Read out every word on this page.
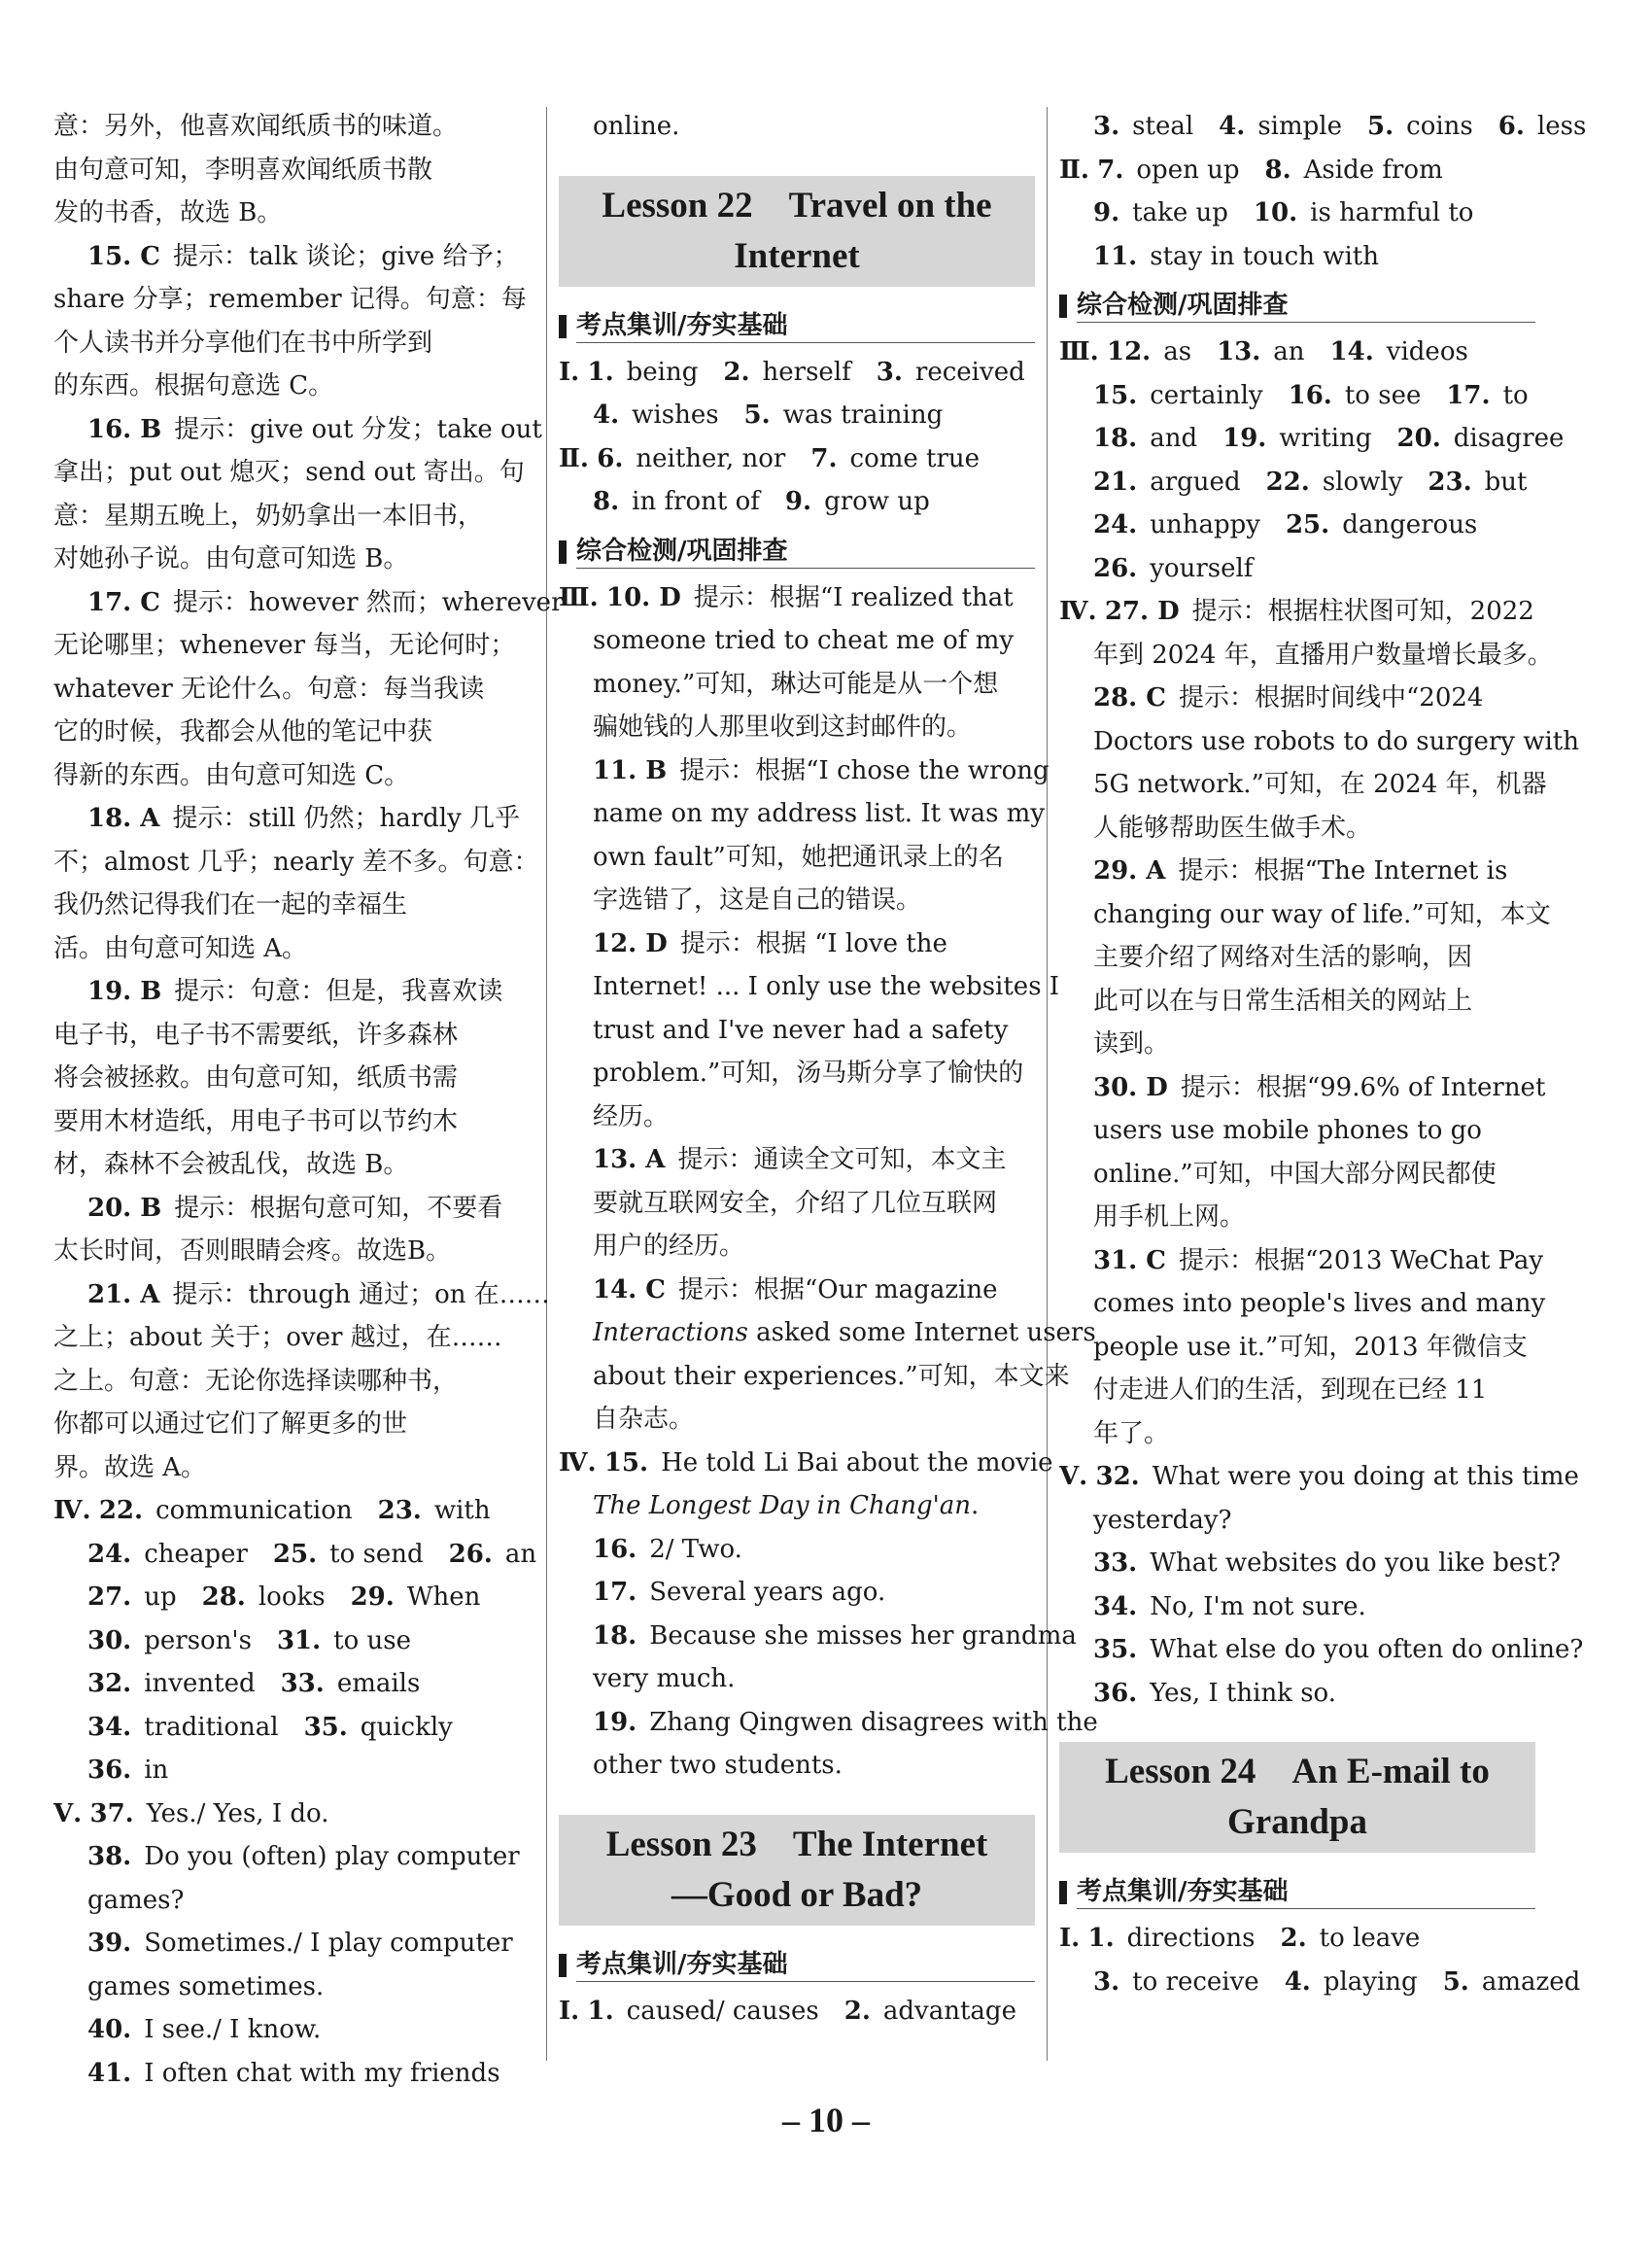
意：另外，他喜欢闻纸质书的味道。
由句意可知，李明喜欢闻纸质书散
发的书香，故选 B。
15. C  提示：talk 谈论；give 给予；
share 分享；remember 记得。句意：每
个人读书并分享他们在书中所学到
的东西。根据句意选 C。
16. B  提示：give out 分发；take out
拿出；put out 熄灭；send out 寄出。句
意：星期五晚上，奶奶拿出一本旧书，
对她孙子说。由句意可知选 B。
17. C  提示：however 然而；wherever
无论哪里；whenever 每当，无论何时；
whatever 无论什么。句意：每当我读
它的时候，我都会从他的笔记中获
得新的东西。由句意可知选 C。
18. A  提示：still 仍然；hardly 几乎
不；almost 几乎；nearly 差不多。句意：
我仍然记得我们在一起的幸福生
活。由句意可知选 A。
19. B  提示：句意：但是，我喜欢读
电子书，电子书不需要纸，许多森林
将会被拯救。由句意可知，纸质书需
要用木材造纸，用电子书可以节约木
材，森林不会被乱伐，故选 B。
20. B  提示：根据句意可知，不要看
太长时间，否则眼睛会疼。故选B。
21. A  提示：through 通过；on 在……
之上；about 关于；over 越过，在……
之上。句意：无论你选择读哪种书，
你都可以通过它们了解更多的世
界。故选 A。
Ⅳ. 22.  communication 23.  with
24.  cheaper 25.  to send 26.  an
27.  up 28.  looks 29.  When
30.  person's 31.  to use
32.  invented 33.  emails
34.  traditional 35.  quickly
36.  in
Ⅴ. 37.  Yes./ Yes, I do.
38.  Do you (often) play computer
games?
39.  Sometimes./ I play computer
games sometimes.
40.  I see./ I know.
41.  I often chat with my friends
online.
Lesson 22　Travel on the
Internet
考点集训/夯实基础
Ⅰ. 1.  being 2.  herself 3.  received
4.  wishes 5.  was training
Ⅱ. 6.  neither, nor 7.  come true
8.  in front of 9.  grow up
综合检测/巩固排查
Ⅲ. 10. D  提示：根据“I realized that
someone tried to cheat me of my
money.”可知，琳达可能是从一个想
骗她钱的人那里收到这封邮件的。
11. B  提示：根据“I chose the wrong
name on my address list. It was my
own fault”可知，她把通讯录上的名
字选错了，这是自己的错误。
12. D  提示：根据 “I love the
Internet! ... I only use the websites I
trust and I've never had a safety
problem.”可知，汤马斯分享了愉快的
经历。
13. A  提示：通读全文可知，本文主
要就互联网安全，介绍了几位互联网
用户的经历。
14. C  提示：根据“Our magazine
Interactions asked some Internet users
about their experiences.”可知，本文来
自杂志。
Ⅳ. 15.  He told Li Bai about the movie
The Longest Day in Chang'an.
16.  2/ Two.
17.  Several years ago.
18.  Because she misses her grandma
very much.
19.  Zhang Qingwen disagrees with the
other two students.
Lesson 23　The Internet
—Good or Bad?
考点集训/夯实基础
Ⅰ. 1.  caused/ causes 2.  advantage
3.  steal 4.  simple 5.  coins 6.  less
Ⅱ. 7.  open up 8.  Aside from
9.  take up 10.  is harmful to
11.  stay in touch with
综合检测/巩固排查
Ⅲ. 12.  as 13.  an 14.  videos
15.  certainly 16.  to see 17.  to
18.  and 19.  writing 20.  disagree
21.  argued 22.  slowly 23.  but
24.  unhappy 25.  dangerous
26.  yourself
Ⅳ. 27. D  提示：根据柱状图可知，2022
年到 2024 年，直播用户数量增长最多。
28. C  提示：根据时间线中“2024
Doctors use robots to do surgery with
5G network.”可知，在 2024 年，机器
人能够帮助医生做手术。
29. A  提示：根据“The Internet is
changing our way of life.”可知，本文
主要介绍了网络对生活的影响，因
此可以在与日常生活相关的网站上
读到。
30. D  提示：根据“99.6% of Internet
users use mobile phones to go
online.”可知，中国大部分网民都使
用手机上网。
31. C  提示：根据“2013 WeChat Pay
comes into people's lives and many
people use it.”可知，2013 年微信支
付走进人们的生活，到现在已经 11
年了。
Ⅴ. 32.  What were you doing at this time
yesterday?
33.  What websites do you like best?
34.  No, I'm not sure.
35.  What else do you often do online?
36.  Yes, I think so.
Lesson 24　An E-mail to
Grandpa
考点集训/夯实基础
Ⅰ. 1.  directions 2.  to leave
3.  to receive 4.  playing 5.  amazed
– 10 –
